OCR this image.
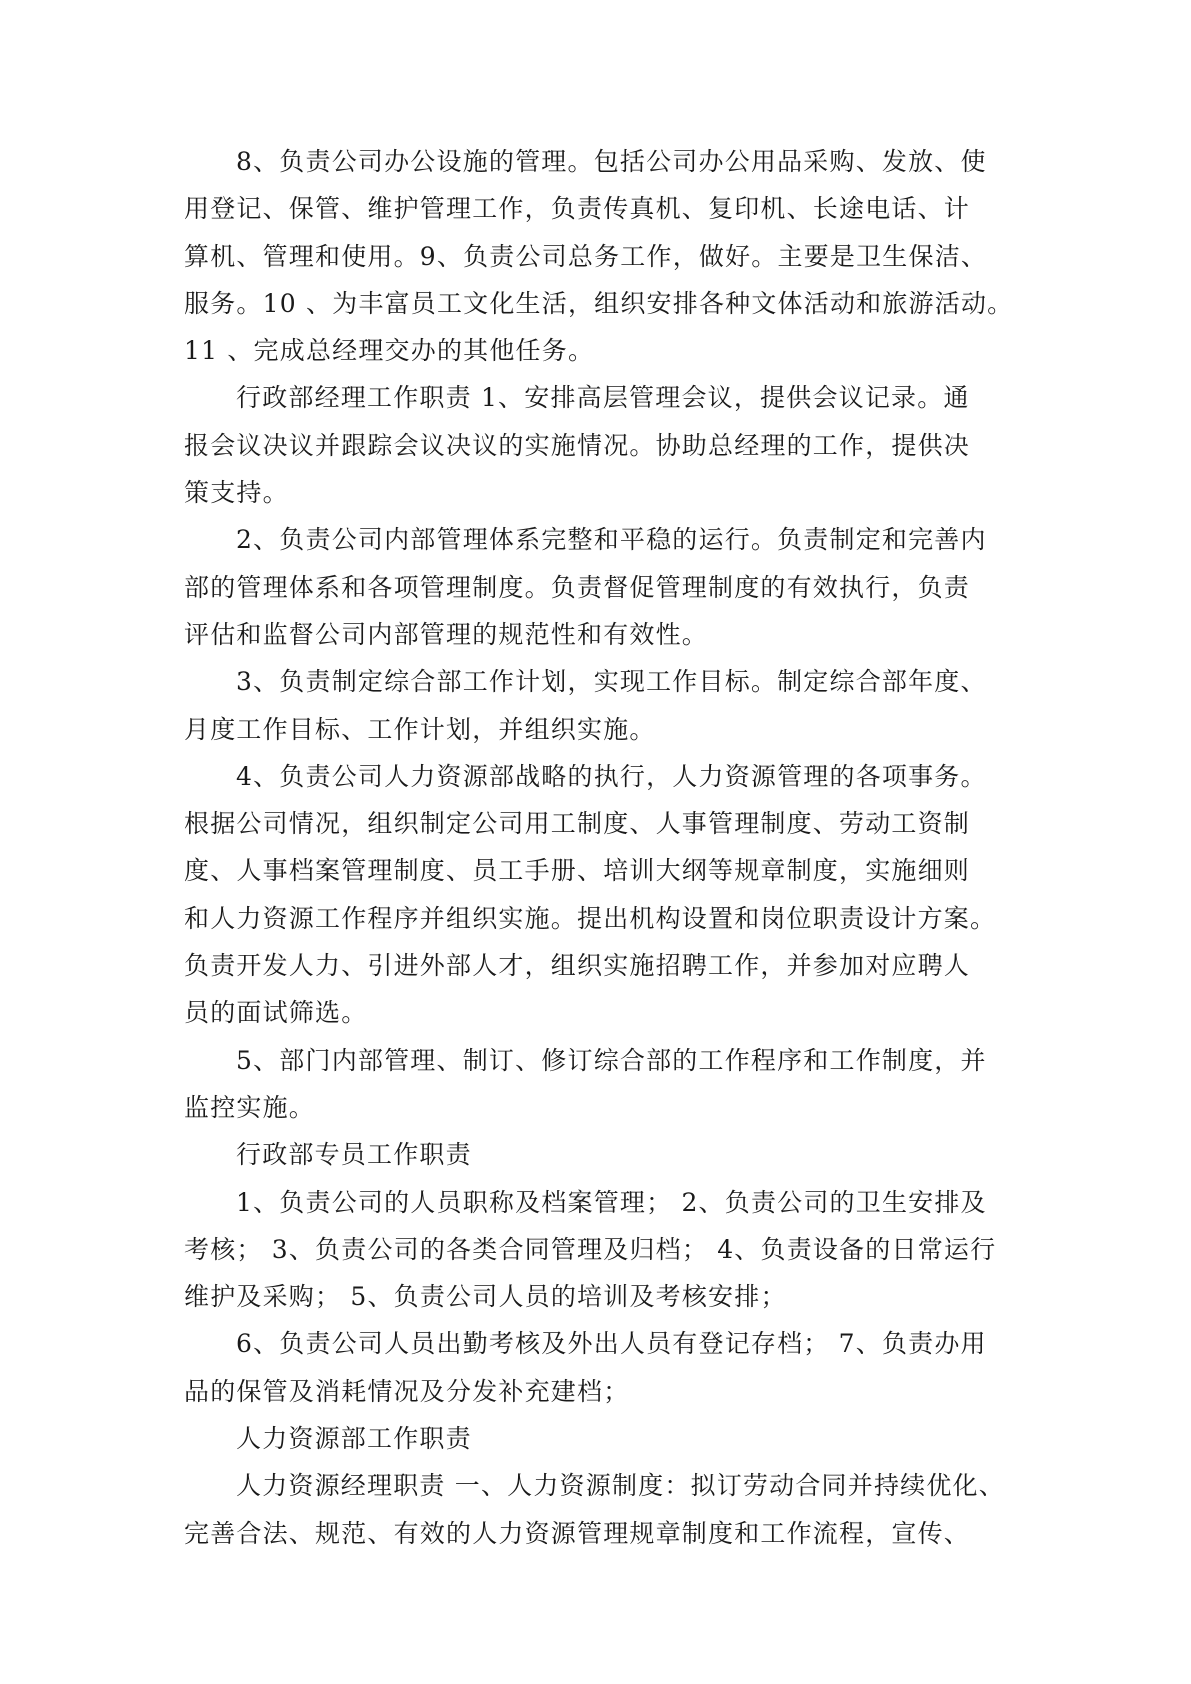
8、负责公司办公设施的管理。包括公司办公用品采购、发放、使
用登记、保管、维护管理工作，负责传真机、复印机、长途电话、计
算机、管理和使用。9、负责公司总务工作，做好。主要是卫生保洁、
服务。10 、为丰富员工文化生活，组织安排各种文体活动和旅游活动。
11 、完成总经理交办的其他任务。

行政部经理工作职责 1、安排高层管理会议，提供会议记录。通
报会议决议并跟踪会议决议的实施情况。协助总经理的工作，提供决
策支持。

2、负责公司内部管理体系完整和平稳的运行。负责制定和完善内
部的管理体系和各项管理制度。负责督促管理制度的有效执行，负责
评估和监督公司内部管理的规范性和有效性。

3、负责制定综合部工作计划，实现工作目标。制定综合部年度、
月度工作目标、工作计划，并组织实施。

4、负责公司人力资源部战略的执行，人力资源管理的各项事务。
根据公司情况，组织制定公司用工制度、人事管理制度、劳动工资制
度、人事档案管理制度、员工手册、培训大纲等规章制度，实施细则
和人力资源工作程序并组织实施。提出机构设置和岗位职责设计方案。
负责开发人力、引进外部人才，组织实施招聘工作，并参加对应聘人
员的面试筛选。

5、部门内部管理、制订、修订综合部的工作程序和工作制度，并
监控实施。

行政部专员工作职责

1、负责公司的人员职称及档案管理； 2、负责公司的卫生安排及
考核； 3、负责公司的各类合同管理及归档； 4、负责设备的日常运行
维护及采购； 5、负责公司人员的培训及考核安排；

6、负责公司人员出勤考核及外出人员有登记存档； 7、负责办用
品的保管及消耗情况及分发补充建档；

人力资源部工作职责

人力资源经理职责 一、人力资源制度：拟订劳动合同并持续优化、
完善合法、规范、有效的人力资源管理规章制度和工作流程，宣传、
